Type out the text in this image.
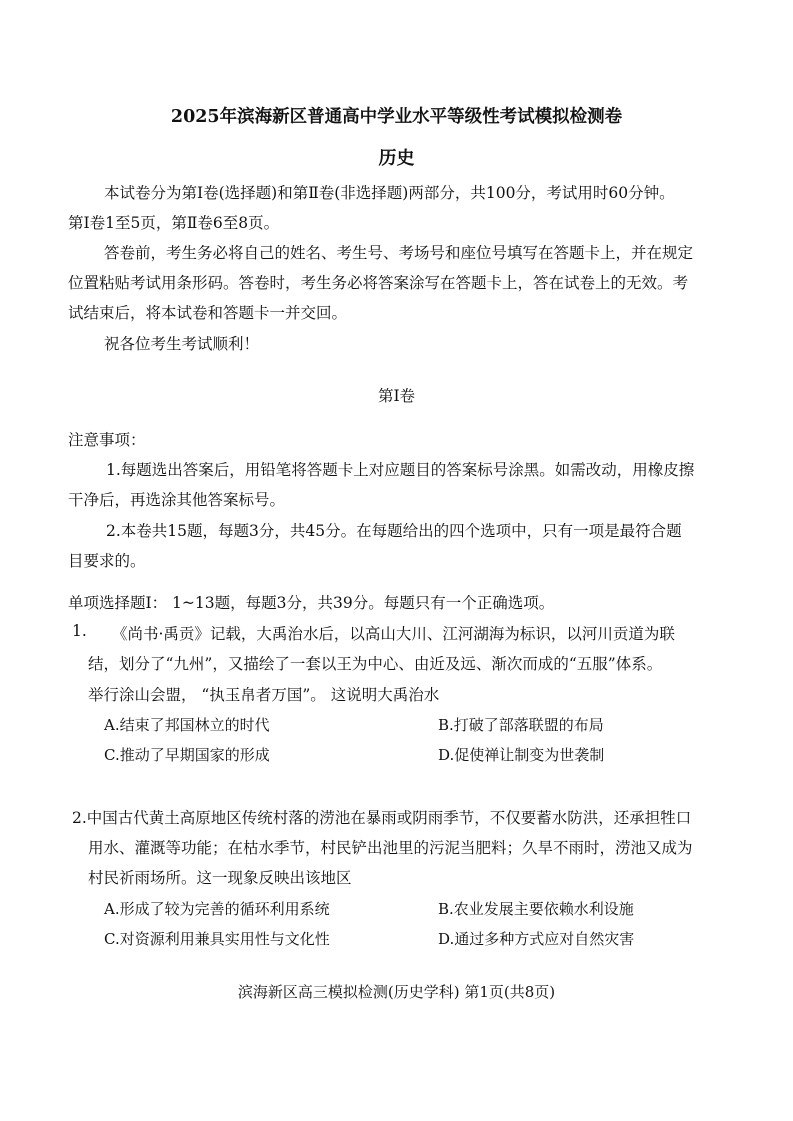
2025年滨海新区普通高中学业水平等级性考试模拟检测卷
历史
本试卷分为第Ⅰ卷(选择题)和第Ⅱ卷(非选择题)两部分，共100分，考试用时60分钟。
第Ⅰ卷1至5页，第Ⅱ卷6至8页。
答卷前，考生务必将自己的姓名、考生号、考场号和座位号填写在答题卡上，并在规定
位置粘贴考试用条形码。答卷时，考生务必将答案涂写在答题卡上，答在试卷上的无效。考
试结束后，将本试卷和答题卡一并交回。
祝各位考生考试顺利！
第Ⅰ卷
注意事项：
1.每题选出答案后，用铅笔将答题卡上对应题目的答案标号涂黑。如需改动，用橡皮擦
干净后，再选涂其他答案标号。
2.本卷共15题，每题3分，共45分。在每题给出的四个选项中，只有一项是最符合题
目要求的。
单项选择题Ⅰ： 1~13题，每题3分，共39分。每题只有一个正确选项。
1. 《尚书·禹贡》记载，大禹治水后，以高山大川、江河湖海为标识，以河川贡道为联
结，划分了“九州”，又描绘了一套以王为中心、由近及远、渐次而成的“五服”体系。
举行涂山会盟， “执玉帛者万国”。 这说明大禹治水
A.结束了邦国林立的时代	B.打破了部落联盟的布局
C.推动了早期国家的形成	D.促使禅让制变为世袭制
2.中国古代黄土高原地区传统村落的涝池在暴雨或阴雨季节，不仅要蓄水防洪，还承担牲口
用水、灌溉等功能；在枯水季节，村民铲出池里的污泥当肥料；久旱不雨时，涝池又成为
村民祈雨场所。这一现象反映出该地区
A.形成了较为完善的循环利用系统	B.农业发展主要依赖水利设施
C.对资源利用兼具实用性与文化性	D.通过多种方式应对自然灾害
滨海新区高三模拟检测(历史学科) 第1页(共8页)
